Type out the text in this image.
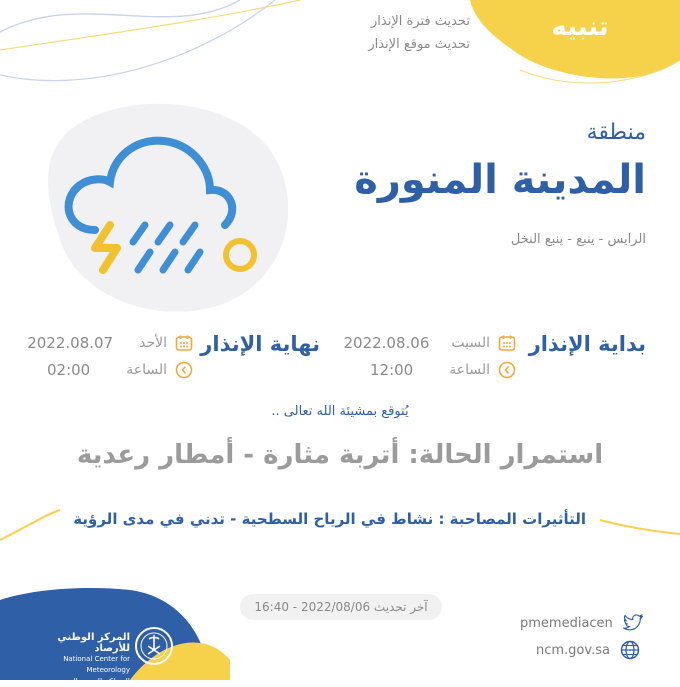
تنبيه
تحديث فترة الإنذار
تحديث موقع الإنذار
منطقة
المدينة المنورة
الرايس - ينبع - ينبع النخل
بداية الإنذار
السبت
2022.08.06
الساعة
12:00
نهاية الإنذار
الأحد
2022.08.07
الساعة
02:00
يُتوقع بمشيئة الله تعالى ..
استمرار الحالة: أتربة مثارة - أمطار رعدية
التأثيرات المصاحبة : نشاط في الرياح السطحية - تدني في مدى الرؤية
آخر تحديث 2022/08/06 - 16:40
pmemediacen
ncm.gov.sa
المركز الوطني للأرصاد
National Center for Meteorology
المملكة العربية السعودية
